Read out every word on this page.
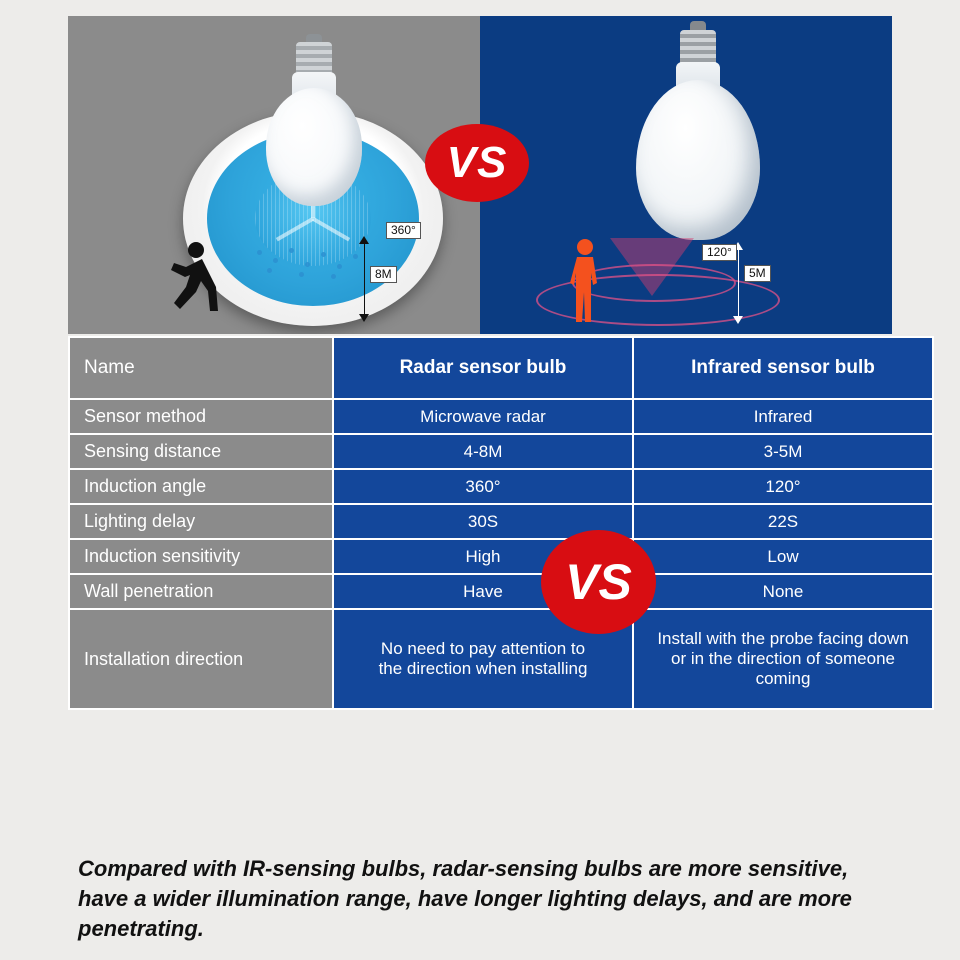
360°
8M
120°
5M
VS
Name	Radar sensor bulb	Infrared sensor bulb
Sensor method	Microwave radar	Infrared
Sensing distance	4-8M	3-5M
Induction angle	360°	120°
Lighting delay	30S	22S
Induction sensitivity	High	Low
Wall penetration	Have	None
Installation direction	No need to pay attention to the direction when installing	Install with the probe facing down or in the direction of someone coming
VS
Compared with IR-sensing bulbs, radar-sensing bulbs are more sensitive, have a wider illumination range, have longer lighting delays, and are more penetrating.
